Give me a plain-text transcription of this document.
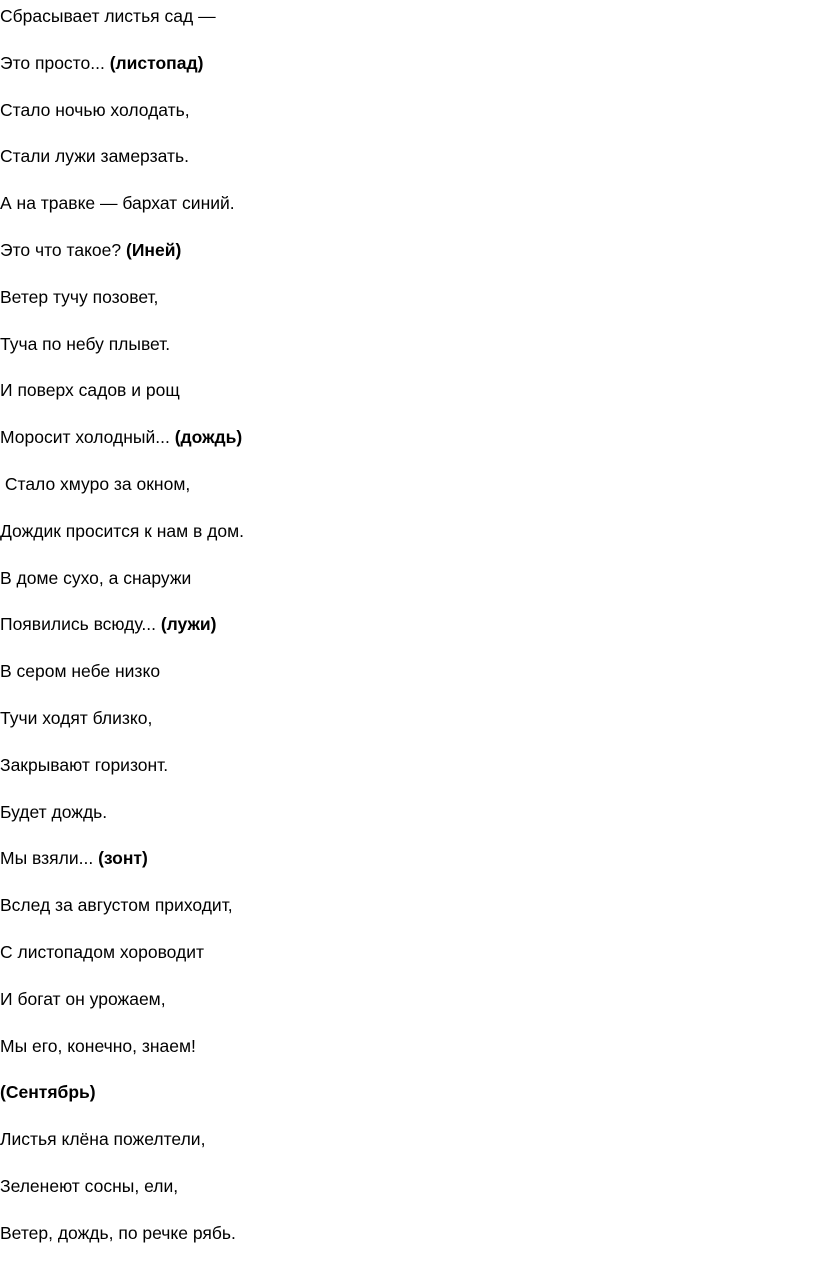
Сбрасывает листья сад —
Это просто... (листопад)
Стало ночью холодать,
Стали лужи замерзать.
А на травке — бархат синий.
Это что такое? (Иней)
Ветер тучу позовет,
Туча по небу плывет.
И поверх садов и рощ
Моросит холодный... (дождь)
Стало хмуро за окном,
Дождик просится к нам в дом.
В доме сухо, а снаружи
Появились всюду... (лужи)
В сером небе низко
Тучи ходят близко,
Закрывают горизонт.
Будет дождь.
Мы взяли... (зонт)
Вслед за августом приходит,
С листопадом хороводит
И богат он урожаем,
Мы его, конечно, знаем!
(Сентябрь)
Листья клёна пожелтели,
Зеленеют сосны, ели,
Ветер, дождь, по речке рябь.
